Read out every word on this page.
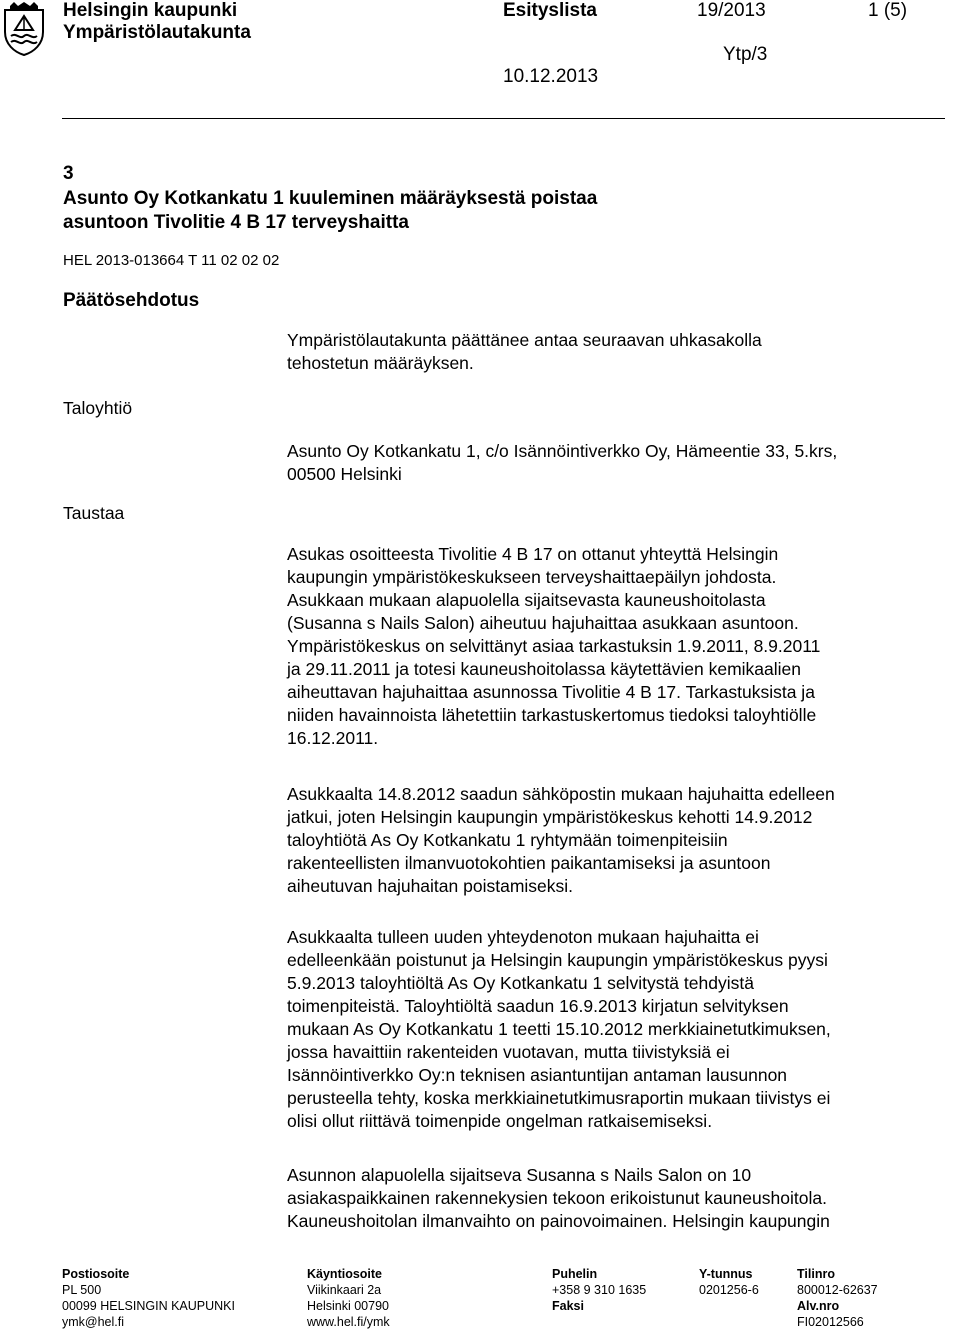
Helsingin kaupunki
Ympäristölautakunta
Esityslista	19/2013	1 (5)
Ytp/3
10.12.2013
3
Asunto Oy Kotkankatu 1 kuuleminen määräyksestä poistaa
asuntoon Tivolitie 4 B 17 terveyshaitta
HEL 2013-013664 T 11 02 02 02
Päätösehdotus
Taloyhtiö
Taustaa

Ympäristölautakunta päättänee antaa seuraavan uhkasakolla

tehostetun määräyksen.

Asunto Oy Kotkankatu 1, c/o Isännöintiverkko Oy, Hämeentie 33, 5.krs,

00500 Helsinki

Asukas osoitteesta Tivolitie 4 B 17 on ottanut yhteyttä Helsingin

kaupungin ympäristökeskukseen terveyshaittaepäilyn johdosta.

Asukkaan mukaan alapuolella sijaitsevasta kauneushoitolasta

(Susanna s Nails Salon) aiheutuu hajuhaittaa asukkaan asuntoon.

Ympäristökeskus on selvittänyt asiaa tarkastuksin 1.9.2011, 8.9.2011

ja 29.11.2011 ja totesi kauneushoitolassa käytettävien kemikaalien

aiheuttavan hajuhaittaa asunnossa Tivolitie 4 B 17. Tarkastuksista ja

niiden havainnoista lähetettiin tarkastuskertomus tiedoksi taloyhtiölle

16.12.2011.

Asukkaalta 14.8.2012 saadun sähköpostin mukaan hajuhaitta edelleen

jatkui, joten Helsingin kaupungin ympäristökeskus kehotti 14.9.2012

taloyhtiötä As Oy Kotkankatu 1 ryhtymään toimenpiteisiin

rakenteellisten ilmanvuotokohtien paikantamiseksi ja asuntoon

aiheutuvan hajuhaitan poistamiseksi.

Asukkaalta tulleen uuden yhteydenoton mukaan hajuhaitta ei

edelleenkään poistunut ja Helsingin kaupungin ympäristökeskus pyysi

5.9.2013 taloyhtiöltä As Oy Kotkankatu 1 selvitystä tehdyistä

toimenpiteistä. Taloyhtiöltä saadun 16.9.2013 kirjatun selvityksen

mukaan As Oy Kotkankatu 1 teetti 15.10.2012 merkkiainetutkimuksen,

jossa havaittiin rakenteiden vuotavan, mutta tiivistyksiä ei

Isännöintiverkko Oy:n teknisen asiantuntijan antaman lausunnon

perusteella tehty, koska merkkiainetutkimusraportin mukaan tiivistys ei

olisi ollut riittävä toimenpide ongelman ratkaisemiseksi.

Asunnon alapuolella sijaitseva Susanna s Nails Salon on 10

asiakaspaikkainen rakennekysien tekoon erikoistunut kauneushoitola.

Kauneushoitolan ilmanvaihto on painovoimainen. Helsingin kaupungin

Postiosoite
PL 500
00099 HELSINGIN KAUPUNKI
ymk@hel.fi
Käyntiosoite
Viikinkaari 2a
Helsinki 00790
www.hel.fi/ymk
Puhelin
+358 9 310 1635
Faksi
Y-tunnus
0201256-6
Tilinro
800012-62637
Alv.nro
FI02012566
